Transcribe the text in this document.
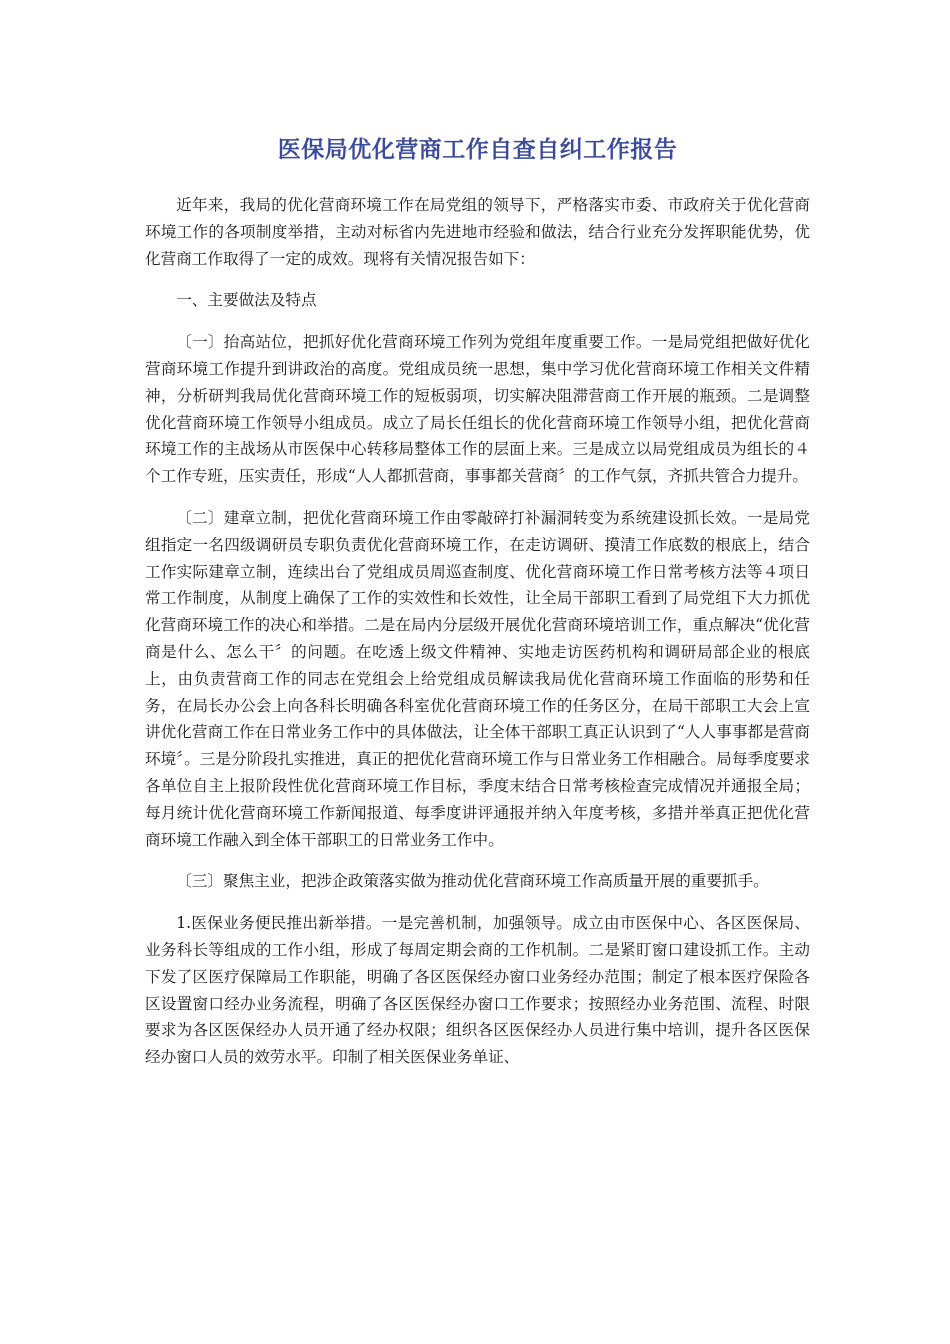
医保局优化营商工作自查自纠工作报告

近年来，我局的优化营商环境工作在局党组的领导下，严格落实市委、市政府关于优化营商环境工作的各项制度举措，主动对标省内先进地市经验和做法，结合行业充分发挥职能优势，优化营商工作取得了一定的成效。现将有关情况报告如下：

一、主要做法及特点

〔一〕抬高站位，把抓好优化营商环境工作列为党组年度重要工作。一是局党组把做好优化营商环境工作提升到讲政治的高度。党组成员统一思想，集中学习优化营商环境工作相关文件精神，分析研判我局优化营商环境工作的短板弱项，切实解决阻滞营商工作开展的瓶颈。二是调整优化营商环境工作领导小组成员。成立了局长任组长的优化营商环境工作领导小组，把优化营商环境工作的主战场从市医保中心转移局整体工作的层面上来。三是成立以局党组成员为组长的４个工作专班，压实责任，形成“人人都抓营商，事事都关营商〞的工作气氛，齐抓共管合力提升。

〔二〕建章立制，把优化营商环境工作由零敲碎打补漏洞转变为系统建设抓长效。一是局党组指定一名四级调研员专职负责优化营商环境工作，在走访调研、摸清工作底数的根底上，结合工作实际建章立制，连续出台了党组成员周巡查制度、优化营商环境工作日常考核方法等４项日常工作制度，从制度上确保了工作的实效性和长效性，让全局干部职工看到了局党组下大力抓优化营商环境工作的决心和举措。二是在局内分层级开展优化营商环境培训工作，重点解决“优化营商是什么、怎么干〞的问题。在吃透上级文件精神、实地走访医药机构和调研局部企业的根底上，由负责营商工作的同志在党组会上给党组成员解读我局优化营商环境工作面临的形势和任务，在局长办公会上向各科长明确各科室优化营商环境工作的任务区分，在局干部职工大会上宣讲优化营商工作在日常业务工作中的具体做法，让全体干部职工真正认识到了“人人事事都是营商环境〞。三是分阶段扎实推进，真正的把优化营商环境工作与日常业务工作相融合。局每季度要求各单位自主上报阶段性优化营商环境工作目标，季度末结合日常考核检查完成情况并通报全局；每月统计优化营商环境工作新闻报道、每季度讲评通报并纳入年度考核，多措并举真正把优化营商环境工作融入到全体干部职工的日常业务工作中。

〔三〕聚焦主业，把涉企政策落实做为推动优化营商环境工作高质量开展的重要抓手。

1.医保业务便民推出新举措。一是完善机制，加强领导。成立由市医保中心、各区医保局、业务科长等组成的工作小组，形成了每周定期会商的工作机制。二是紧盯窗口建设抓工作。主动下发了区医疗保障局工作职能，明确了各区医保经办窗口业务经办范围；制定了根本医疗保险各区设置窗口经办业务流程，明确了各区医保经办窗口工作要求；按照经办业务范围、流程、时限要求为各区医保经办人员开通了经办权限；组织各区医保经办人员进行集中培训，提升各区医保经办窗口人员的效劳水平。印制了相关医保业务单证、
